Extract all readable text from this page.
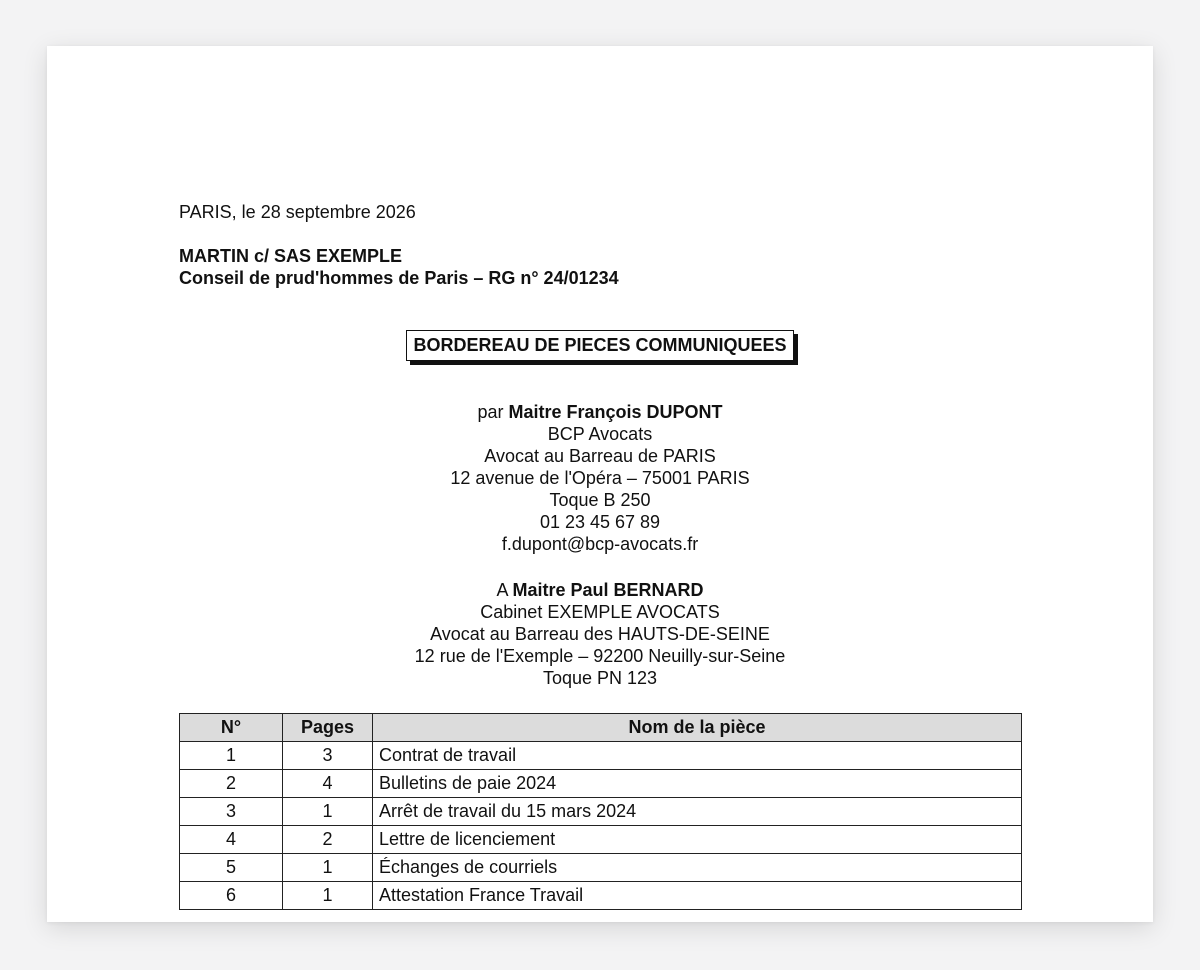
PARIS, le 28 septembre 2026

MARTIN c/ SAS EXEMPLE

Conseil de prud'hommes de Paris – RG n° 24/01234

BORDEREAU DE PIECES COMMUNIQUEES

par Maitre François DUPONT

BCP Avocats

Avocat au Barreau de PARIS

12 avenue de l'Opéra – 75001 PARIS

Toque B 250

01 23 45 67 89

f.dupont@bcp-avocats.fr

A Maitre Paul BERNARD

Cabinet EXEMPLE AVOCATS

Avocat au Barreau des HAUTS-DE-SEINE

12 rue de l'Exemple – 92200 Neuilly-sur-Seine

Toque PN 123

N°	Pages	Nom de la pièce
1	3	Contrat de travail
2	4	Bulletins de paie 2024
3	1	Arrêt de travail du 15 mars 2024
4	2	Lettre de licenciement
5	1	Échanges de courriels
6	1	Attestation France Travail
